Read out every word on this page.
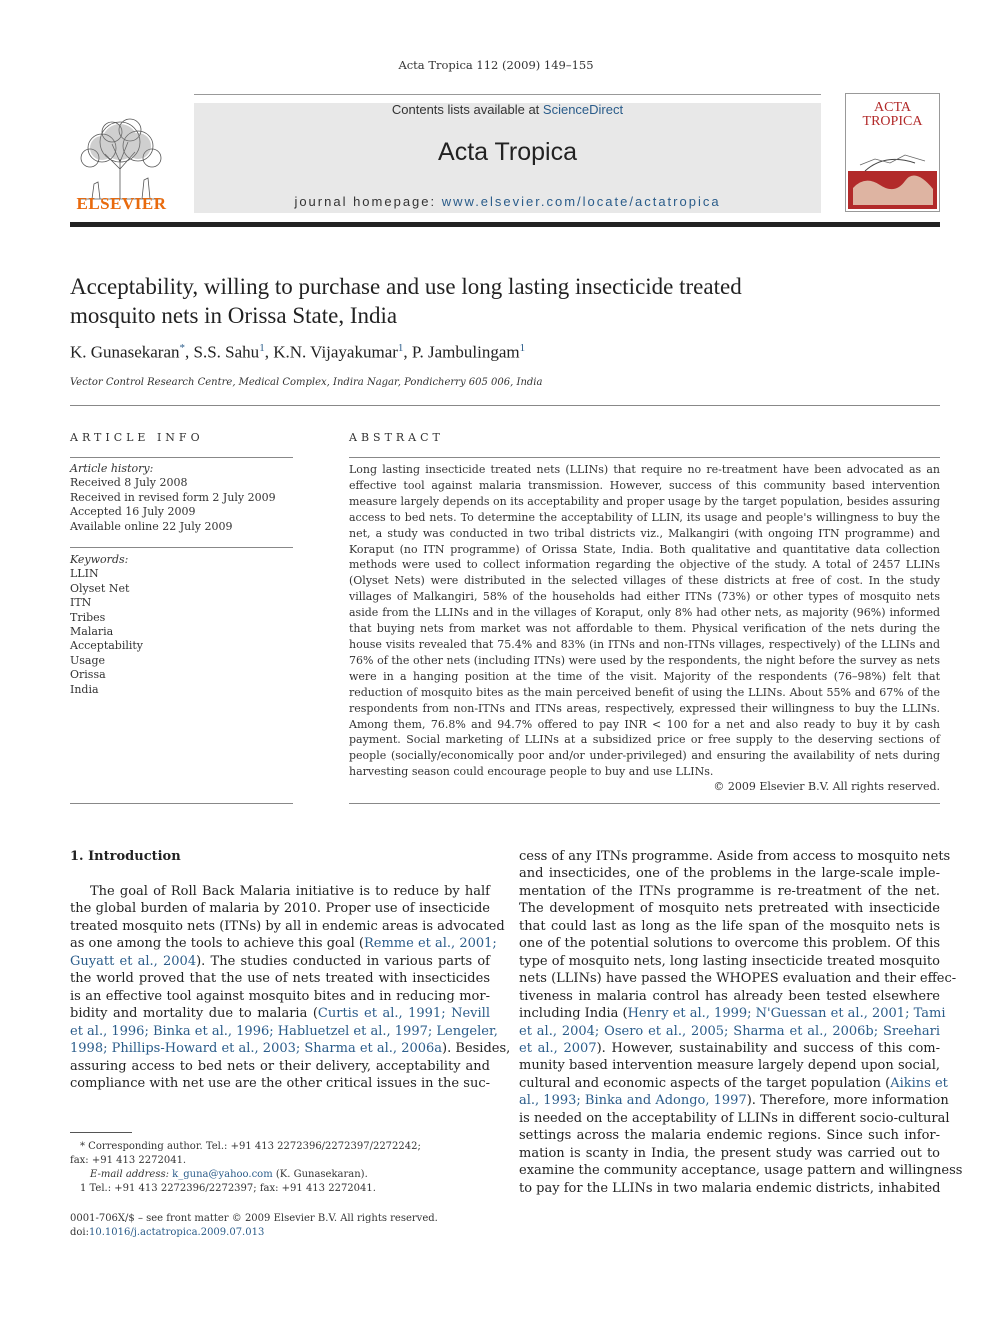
Acta Tropica 112 (2009) 149–155
ELSEVIER
Contents lists available at ScienceDirect
Acta Tropica
journal homepage: www.elsevier.com/locate/actatropica
ACTA
TROPICA
Acceptability, willing to purchase and use long lasting insecticide treated
mosquito nets in Orissa State, India
K. Gunasekaran*, S.S. Sahu$^1$, K.N. Vijayakumar$^1$, P. Jambulingam$^1$
Vector Control Research Centre, Medical Complex, Indira Nagar, Pondicherry 605 006, India
ARTICLE INFO
Article history:
Received 8 July 2008
Received in revised form 2 July 2009
Accepted 16 July 2009
Available online 22 July 2009
Keywords:
LLIN
Olyset Net
ITN
Tribes
Malaria
Acceptability
Usage
Orissa
India
ABSTRACT
Long lasting insecticide treated nets (LLINs) that require no re-treatment have been advocated as an effective tool against malaria transmission. However, success of this community based intervention measure largely depends on its acceptability and proper usage by the target population, besides assuring access to bed nets. To determine the acceptability of LLIN, its usage and people's willingness to buy the net, a study was conducted in two tribal districts viz., Malkangiri (with ongoing ITN programme) and Koraput (no ITN programme) of Orissa State, India. Both qualitative and quantitative data collection methods were used to collect information regarding the objective of the study. A total of 2457 LLINs (Olyset Nets) were distributed in the selected villages of these districts at free of cost. In the study villages of Malkangiri, 58% of the households had either ITNs (73%) or other types of mosquito nets aside from the LLINs and in the villages of Koraput, only 8% had other nets, as majority (96%) informed that buying nets from market was not affordable to them. Physical verification of the nets during the house visits revealed that 75.4% and 83% (in ITNs and non-ITNs villages, respectively) of the LLINs and 76% of the other nets (including ITNs) were used by the respondents, the night before the survey as nets were in a hanging position at the time of the visit. Majority of the respondents (76–98%) felt that reduction of mosquito bites as the main perceived benefit of using the LLINs. About 55% and 67% of the respondents from non-ITNs and ITNs areas, respectively, expressed their willingness to buy the LLINs. Among them, 76.8% and 94.7% offered to pay INR < 100 for a net and also ready to buy it by cash payment. Social marketing of LLINs at a subsidized price or free supply to the deserving sections of people (socially/economically poor and/or under-privileged) and ensuring the availability of nets during harvesting season could encourage people to buy and use LLINs.
© 2009 Elsevier B.V. All rights reserved.
1. Introduction
The goal of Roll Back Malaria initiative is to reduce by half
the global burden of malaria by 2010. Proper use of insecticide
treated mosquito nets (ITNs) by all in endemic areas is advocated
as one among the tools to achieve this goal (Remme et al., 2001;
Guyatt et al., 2004). The studies conducted in various parts of
the world proved that the use of nets treated with insecticides
is an effective tool against mosquito bites and in reducing mor-
bidity and mortality due to malaria (Curtis et al., 1991; Nevill
et al., 1996; Binka et al., 1996; Habluetzel et al., 1997; Lengeler,
1998; Phillips-Howard et al., 2003; Sharma et al., 2006a). Besides,
assuring access to bed nets or their delivery, acceptability and
compliance with net use are the other critical issues in the suc-
cess of any ITNs programme. Aside from access to mosquito nets
and insecticides, one of the problems in the large-scale imple-
mentation of the ITNs programme is re-treatment of the net.
The development of mosquito nets pretreated with insecticide
that could last as long as the life span of the mosquito nets is
one of the potential solutions to overcome this problem. Of this
type of mosquito nets, long lasting insecticide treated mosquito
nets (LLINs) have passed the WHOPES evaluation and their effec-
tiveness in malaria control has already been tested elsewhere
including India (Henry et al., 1999; N'Guessan et al., 2001; Tami
et al., 2004; Osero et al., 2005; Sharma et al., 2006b; Sreehari
et al., 2007). However, sustainability and success of this com-
munity based intervention measure largely depend upon social,
cultural and economic aspects of the target population (Aikins et
al., 1993; Binka and Adongo, 1997). Therefore, more information
is needed on the acceptability of LLINs in different socio-cultural
settings across the malaria endemic regions. Since such infor-
mation is scanty in India, the present study was carried out to
examine the community acceptance, usage pattern and willingness
to pay for the LLINs in two malaria endemic districts, inhabited
* Corresponding author. Tel.: +91 413 2272396/2272397/2272242;
fax: +91 413 2272041.
E-mail address: k_guna@yahoo.com (K. Gunasekaran).
1 Tel.: +91 413 2272396/2272397; fax: +91 413 2272041.
0001-706X/$ – see front matter © 2009 Elsevier B.V. All rights reserved.
doi:10.1016/j.actatropica.2009.07.013
